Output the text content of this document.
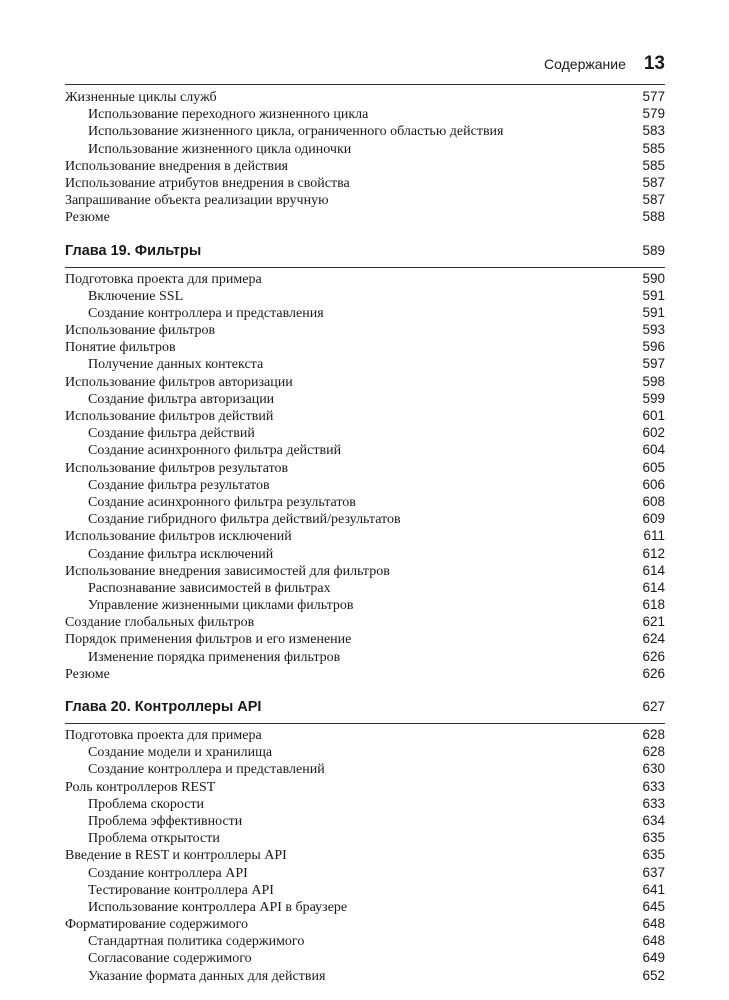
Содержание 13
Жизненные циклы служб	577
Использование переходного жизненного цикла	579
Использование жизненного цикла, ограниченного областью действия	583
Использование жизненного цикла одиночки	585
Использование внедрения в действия	585
Использование атрибутов внедрения в свойства	587
Запрашивание объекта реализации вручную	587
Резюме	588
Глава 19. Фильтры	589
Подготовка проекта для примера	590
Включение SSL	591
Создание контроллера и представления	591
Использование фильтров	593
Понятие фильтров	596
Получение данных контекста	597
Использование фильтров авторизации	598
Создание фильтра авторизации	599
Использование фильтров действий	601
Создание фильтра действий	602
Создание асинхронного фильтра действий	604
Использование фильтров результатов	605
Создание фильтра результатов	606
Создание асинхронного фильтра результатов	608
Создание гибридного фильтра действий/результатов	609
Использование фильтров исключений	611
Создание фильтра исключений	612
Использование внедрения зависимостей для фильтров	614
Распознавание зависимостей в фильтрах	614
Управление жизненными циклами фильтров	618
Создание глобальных фильтров	621
Порядок применения фильтров и его изменение	624
Изменение порядка применения фильтров	626
Резюме	626
Глава 20. Контроллеры API	627
Подготовка проекта для примера	628
Создание модели и хранилища	628
Создание контроллера и представлений	630
Роль контроллеров REST	633
Проблема скорости	633
Проблема эффективности	634
Проблема открытости	635
Введение в REST и контроллеры API	635
Создание контроллера API	637
Тестирование контроллера API	641
Использование контроллера API в браузере	645
Форматирование содержимого	648
Стандартная политика содержимого	648
Согласование содержимого	649
Указание формата данных для действия	652
